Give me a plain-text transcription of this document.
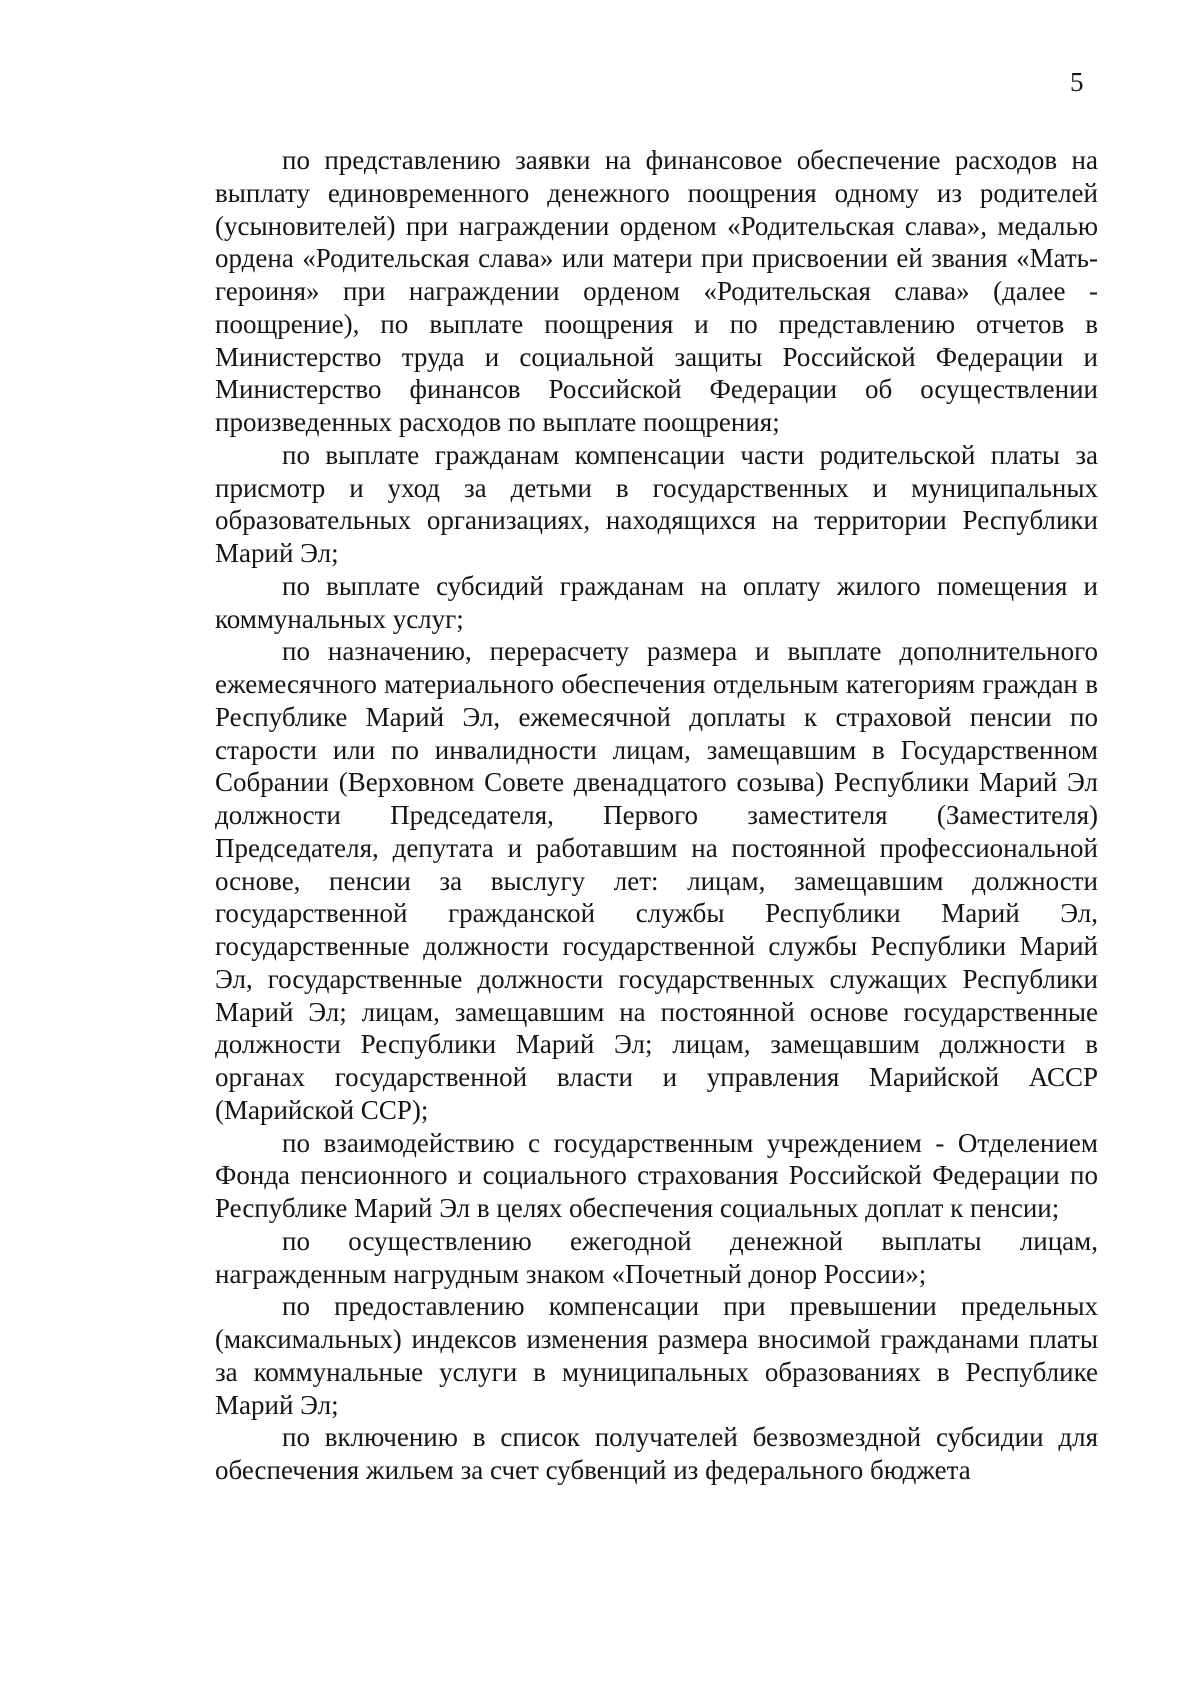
5

по представлению заявки на финансовое обеспечение расходов на выплату единовременного денежного поощрения одному из родителей (усыновителей) при награждении орденом «Родительская слава», медалью ордена «Родительская слава» или матери при присвоении ей звания «Мать-героиня» при награждении орденом «Родительская слава» (далее - поощрение), по выплате поощрения и по представлению отчетов в Министерство труда и социальной защиты Российской Федерации и Министерство финансов Российской Федерации об осуществлении произведенных расходов по выплате поощрения;

по выплате гражданам компенсации части родительской платы за присмотр и уход за детьми в государственных и муниципальных образовательных организациях, находящихся на территории Республики Марий Эл;

по выплате субсидий гражданам на оплату жилого помещения и коммунальных услуг;

по назначению, перерасчету размера и выплате дополнительного ежемесячного материального обеспечения отдельным категориям граждан в Республике Марий Эл, ежемесячной доплаты к страховой пенсии по старости или по инвалидности лицам, замещавшим в Государственном Собрании (Верховном Совете двенадцатого созыва) Республики Марий Эл должности Председателя, Первого заместителя (Заместителя) Председателя, депутата и работавшим на постоянной профессиональной основе, пенсии за выслугу лет: лицам, замещавшим должности государственной гражданской службы Республики Марий Эл, государственные должности государственной службы Республики Марий Эл, государственные должности государственных служащих Республики Марий Эл; лицам, замещавшим на постоянной основе государственные должности Республики Марий Эл; лицам, замещавшим должности в органах государственной власти и управления Марийской АССР (Марийской ССР);

по взаимодействию с государственным учреждением - Отделением Фонда пенсионного и социального страхования Российской Федерации по Республике Марий Эл в целях обеспечения социальных доплат к пенсии;

по осуществлению ежегодной денежной выплаты лицам, награжденным нагрудным знаком «Почетный донор России»;

по предоставлению компенсации при превышении предельных (максимальных) индексов изменения размера вносимой гражданами платы за коммунальные услуги в муниципальных образованиях в Республике Марий Эл;

по включению в список получателей безвозмездной субсидии для обеспечения жильем за счет субвенций из федерального бюджета
